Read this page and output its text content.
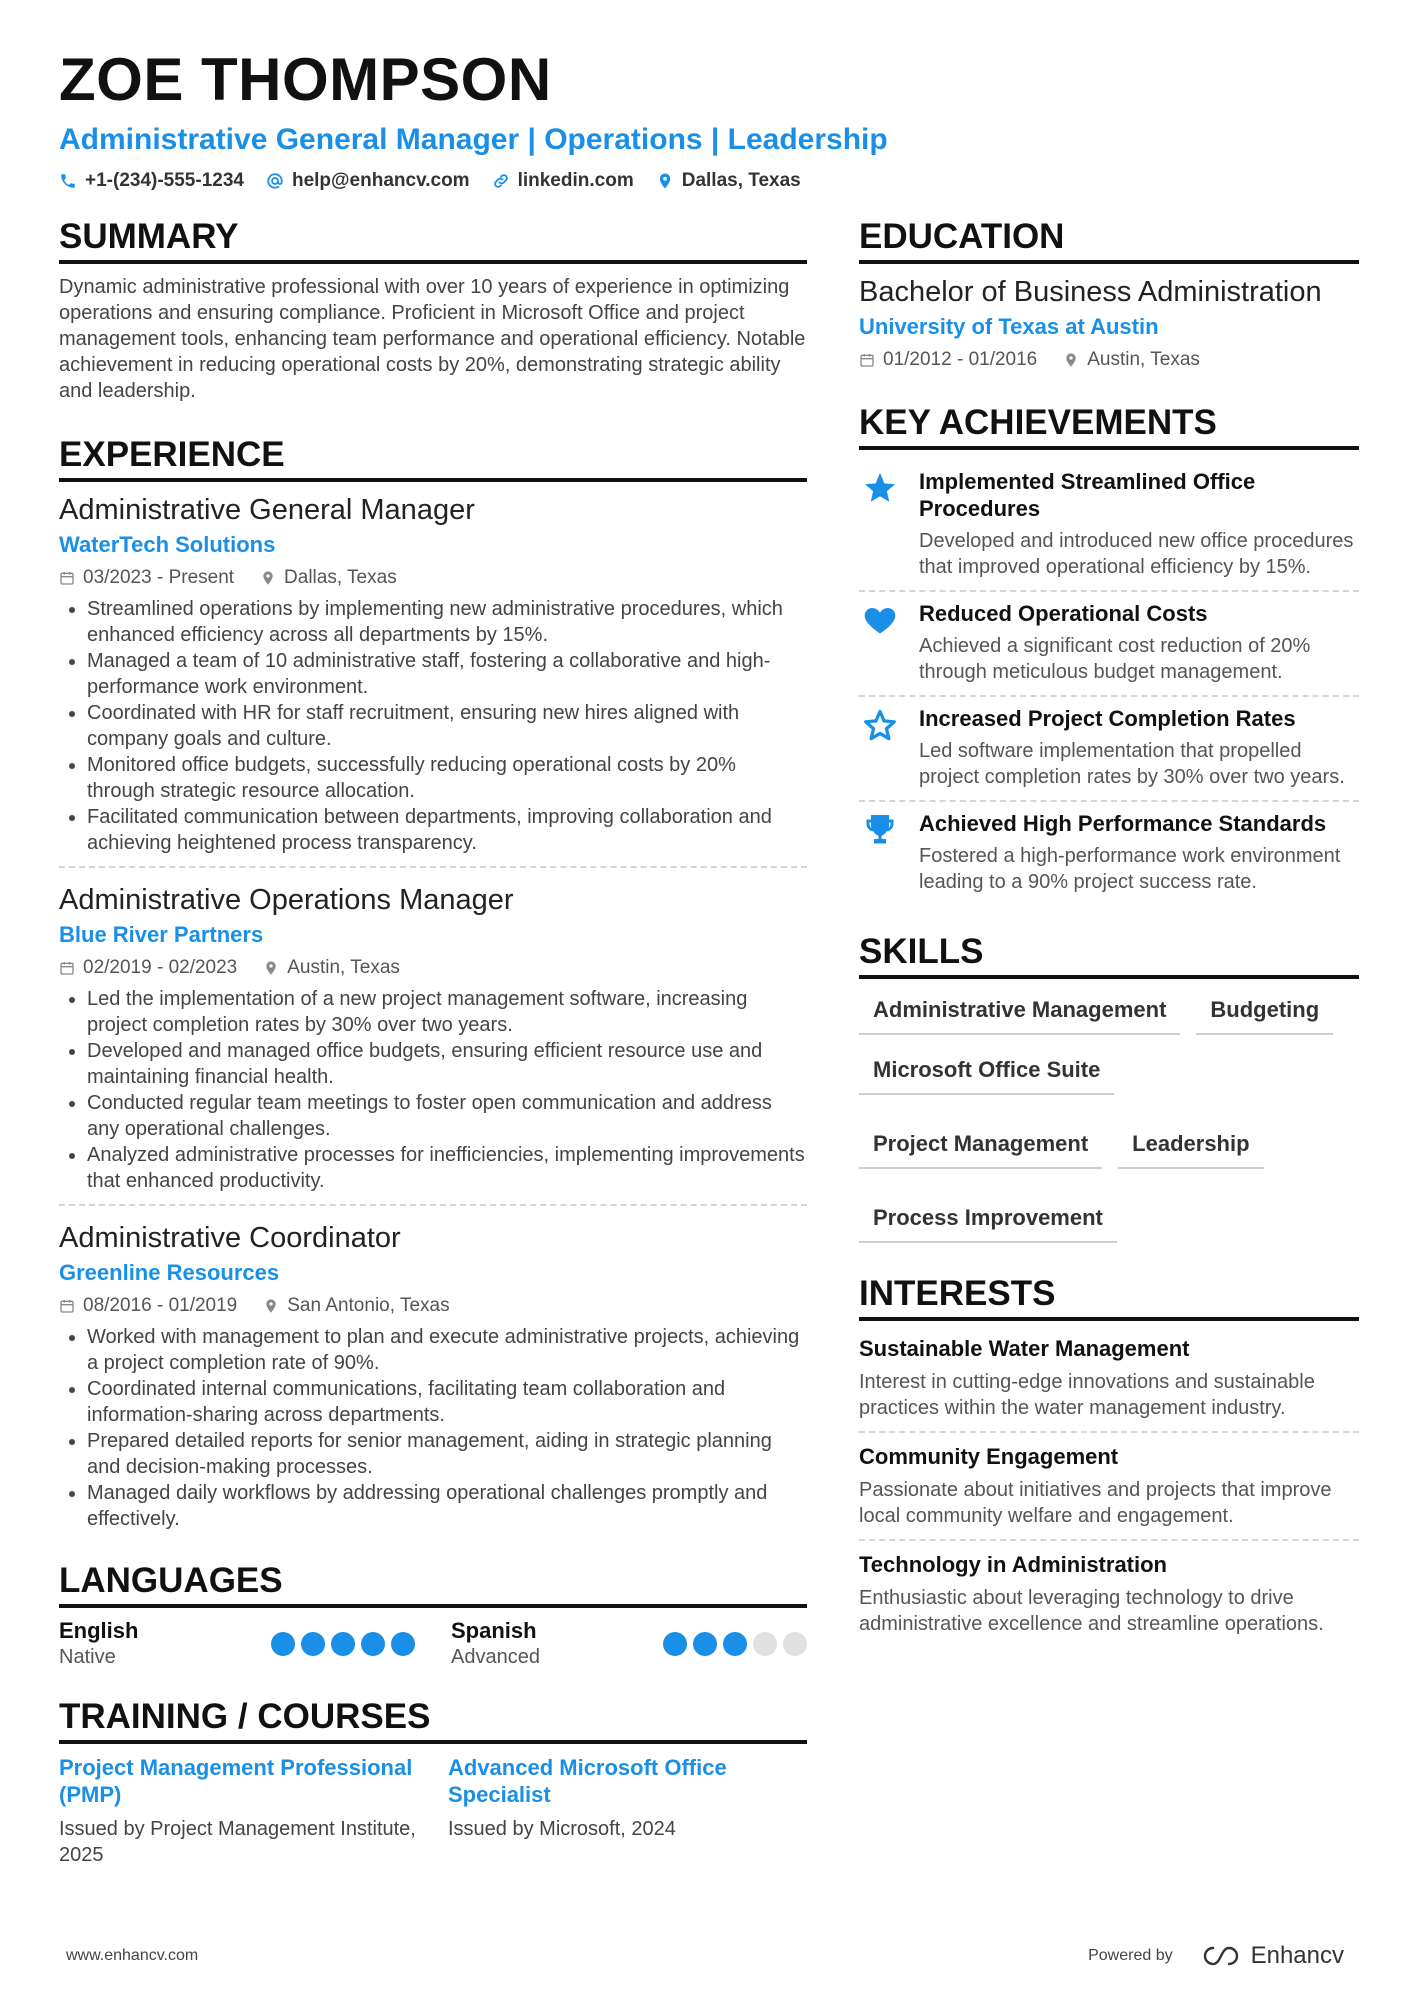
ZOE THOMPSON
Administrative General Manager | Operations | Leadership
+1-(234)-555-1234	help@enhancv.com	linkedin.com	Dallas, Texas
SUMMARY
Dynamic administrative professional with over 10 years of experience in optimizing operations and ensuring compliance. Proficient in Microsoft Office and project management tools, enhancing team performance and operational efficiency. Notable achievement in reducing operational costs by 20%, demonstrating strategic ability and leadership.
EXPERIENCE
Administrative General Manager
WaterTech Solutions
03/2023 - Present	Dallas, Texas
• Streamlined operations by implementing new administrative procedures, which enhanced efficiency across all departments by 15%.
• Managed a team of 10 administrative staff, fostering a collaborative and high-performance work environment.
• Coordinated with HR for staff recruitment, ensuring new hires aligned with company goals and culture.
• Monitored office budgets, successfully reducing operational costs by 20% through strategic resource allocation.
• Facilitated communication between departments, improving collaboration and achieving heightened process transparency.
Administrative Operations Manager
Blue River Partners
02/2019 - 02/2023	Austin, Texas
• Led the implementation of a new project management software, increasing project completion rates by 30% over two years.
• Developed and managed office budgets, ensuring efficient resource use and maintaining financial health.
• Conducted regular team meetings to foster open communication and address any operational challenges.
• Analyzed administrative processes for inefficiencies, implementing improvements that enhanced productivity.
Administrative Coordinator
Greenline Resources
08/2016 - 01/2019	San Antonio, Texas
• Worked with management to plan and execute administrative projects, achieving a project completion rate of 90%.
• Coordinated internal communications, facilitating team collaboration and information-sharing across departments.
• Prepared detailed reports for senior management, aiding in strategic planning and decision-making processes.
• Managed daily workflows by addressing operational challenges promptly and effectively.
LANGUAGES
English
Native
Spanish
Advanced
TRAINING / COURSES
Project Management Professional (PMP)
Issued by Project Management Institute, 2025
Advanced Microsoft Office Specialist
Issued by Microsoft, 2024
EDUCATION
Bachelor of Business Administration
University of Texas at Austin
01/2012 - 01/2016	Austin, Texas
KEY ACHIEVEMENTS
Implemented Streamlined Office Procedures
Developed and introduced new office procedures that improved operational efficiency by 15%.
Reduced Operational Costs
Achieved a significant cost reduction of 20% through meticulous budget management.
Increased Project Completion Rates
Led software implementation that propelled project completion rates by 30% over two years.
Achieved High Performance Standards
Fostered a high-performance work environment leading to a 90% project success rate.
SKILLS
Administrative Management	Budgeting
Microsoft Office Suite
Project Management	Leadership
Process Improvement
INTERESTS
Sustainable Water Management
Interest in cutting-edge innovations and sustainable practices within the water management industry.
Community Engagement
Passionate about initiatives and projects that improve local community welfare and engagement.
Technology in Administration
Enthusiastic about leveraging technology to drive administrative excellence and streamline operations.
www.enhancv.com	Powered by	Enhancv
